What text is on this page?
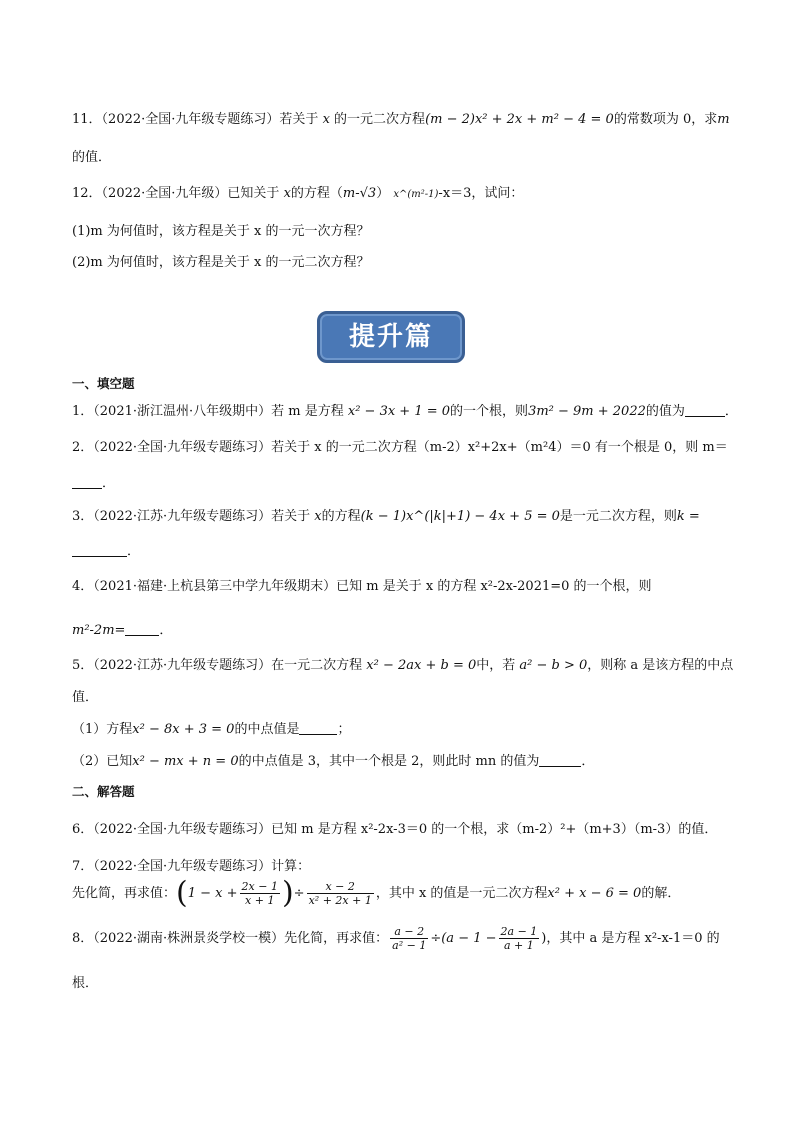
11．（2022·全国·九年级专题练习）若关于 x 的一元二次方程(m − 2)x² + 2x + m² − 4 = 0的常数项为 0，求m
的值．
12．（2022·全国·九年级）已知关于 x的方程（m-√3） x^(m²-1)-x＝3，试问：
(1)m 为何值时，该方程是关于 x 的一元一次方程？
(2)m 为何值时，该方程是关于 x 的一元二次方程？
提升篇
一、填空题
1．（2021·浙江温州·八年级期中）若 m 是方程 x² − 3x + 1 = 0的一个根，则3m² − 9m + 2022的值为	．
2．（2022·全国·九年级专题练习）若关于 x 的一元二次方程（m-2）x²+2x+（m²4）＝0 有一个根是 0，则 m＝
．
3．（2022·江苏·九年级专题练习）若关于 x的方程(k − 1)x^(|k|+1) − 4x + 5 = 0是一元二次方程，则k =
．
4．（2021·福建·上杭县第三中学九年级期末）已知 m 是关于 x 的方程 x²-2x-2021=0 的一个根，则
m²-2m=	．
5．（2022·江苏·九年级专题练习）在一元二次方程 x² − 2ax + b = 0中，若 a² − b > 0，则称 a 是该方程的中点
值．
（1）方程x² − 8x + 3 = 0的中点值是	；
（2）已知x² − mx + n = 0的中点值是 3，其中一个根是 2，则此时 mn 的值为	．
二、解答题
6．（2022·全国·九年级专题练习）已知 m 是方程 x²-2x-3＝0 的一个根，求（m-2）²+（m+3）（m-3）的值．
7．（2022·全国·九年级专题练习）计算：
先化简，再求值：($1 - x + \frac{2x - 1}{x + 1}$ )÷ $\frac{x - 2}{\text{x² + 2x + 1}}$ ，其中 x 的值是一元二次方程x² + x − 6 = 0的解．
8．（2022·湖南·株洲景炎学校一模）先化简，再求值： $\frac{a - 2}{\text{a² − 1}} \div(a - 1 - \frac{2a - 1}{a + 1}$ )，其中 a 是方程 x²-x-1＝0 的
根．
